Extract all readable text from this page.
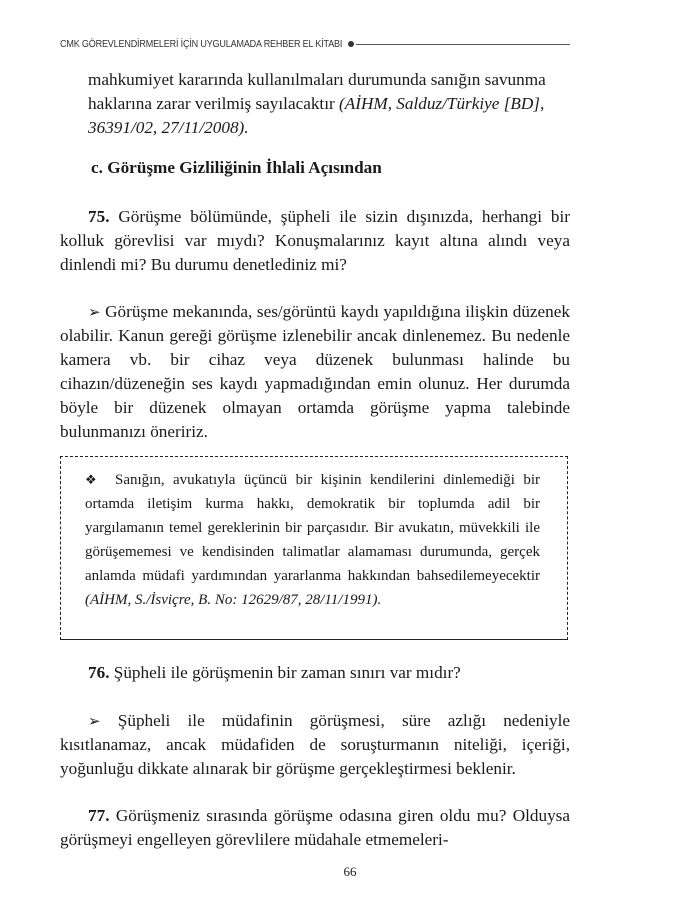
CMK GÖREVLENDİRMELERİ İÇİN UYGULAMADA REHBER EL KİTABI

mahkumiyet kararında kullanılmaları durumunda sanığın savunma haklarına zarar verilmiş sayılacaktır (AİHM, Salduz/Türkiye [BD], 36391/02, 27/11/2008).

c. Görüşme Gizliliğinin İhlali Açısından

75. Görüşme bölümünde, şüpheli ile sizin dışınızda, herhangi bir kolluk görevlisi var mıydı? Konuşmalarınız kayıt altına alındı veya dinlendi mi? Bu durumu denetlediniz mi?

➢ Görüşme mekanında, ses/görüntü kaydı yapıldığına ilişkin düzenek olabilir. Kanun gereği görüşme izlenebilir ancak dinlenemez. Bu nedenle kamera vb. bir cihaz veya düzenek bulunması halinde bu cihazın/düzeneğin ses kaydı yapmadığından emin olunuz. Her durumda böyle bir düzenek olmayan ortamda görüşme yapma talebinde bulunmanızı öneririz.

❖ Sanığın, avukatıyla üçüncü bir kişinin kendilerini dinlemediği bir ortamda iletişim kurma hakkı, demokratik bir toplumda adil bir yargılamanın temel gereklerinin bir parçasıdır. Bir avukatın, müvekkili ile görüşememesi ve kendisinden talimatlar alamaması durumunda, gerçek anlamda müdafi yardımından yararlanma hakkından bahsedilemeyecektir (AİHM, S./İsviçre, B. No: 12629/87, 28/11/1991).

76. Şüpheli ile görüşmenin bir zaman sınırı var mıdır?

➢ Şüpheli ile müdafinin görüşmesi, süre azlığı nedeniyle kısıtlanamaz, ancak müdafiden de soruşturmanın niteliği, içeriği, yoğunluğu dikkate alınarak bir görüşme gerçekleştirmesi beklenir.

77. Görüşmeniz sırasında görüşme odasına giren oldu mu? Olduysa görüşmeyi engelleyen görevlilere müdahale etmemeleri-

66
